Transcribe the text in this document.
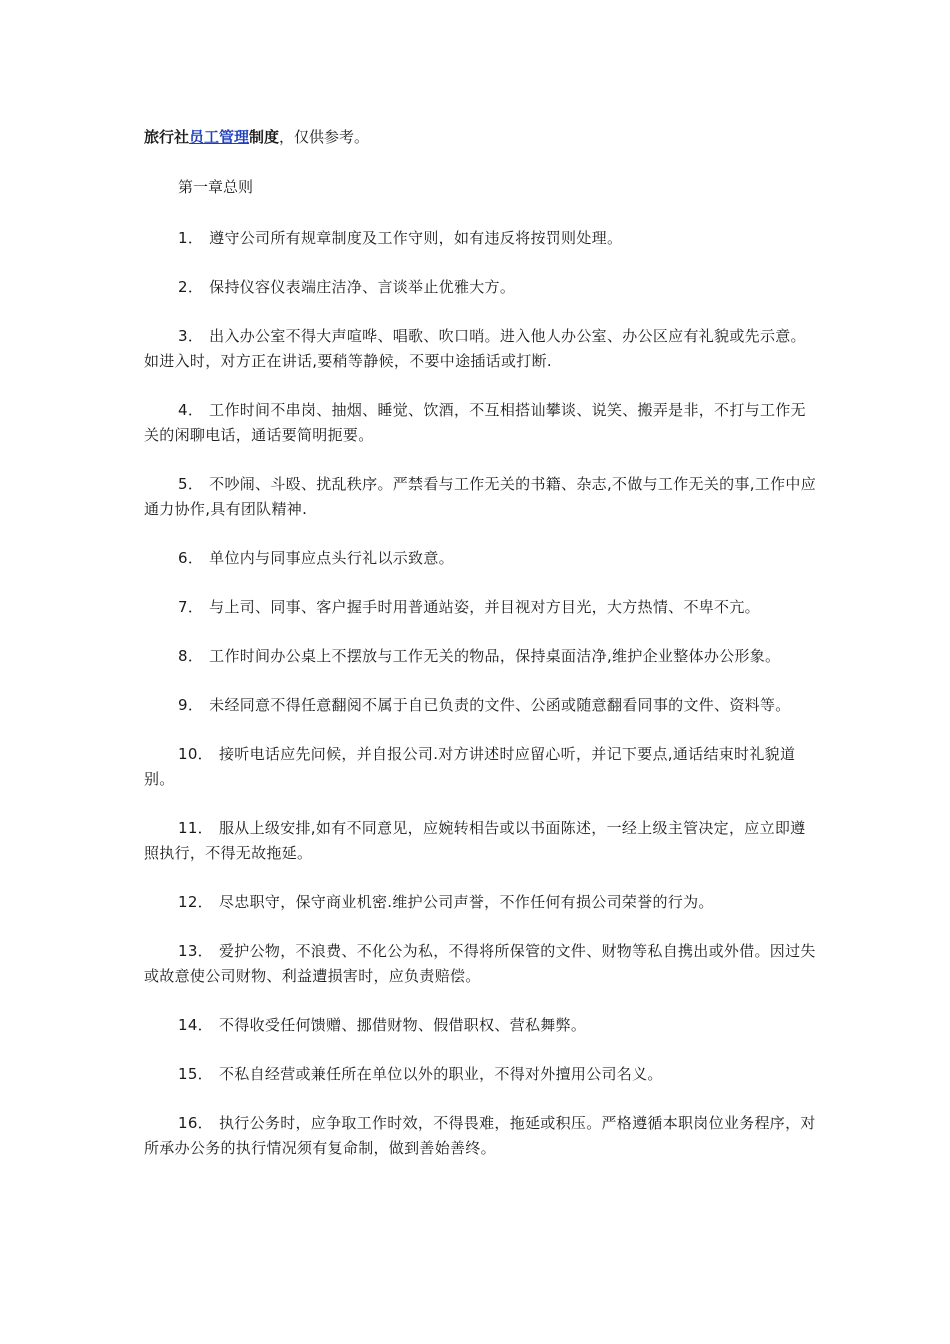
旅行社员工管理制度，仅供参考。
第一章总则
1． 遵守公司所有规章制度及工作守则，如有违反将按罚则处理。
2． 保持仪容仪表端庄洁净、言谈举止优雅大方。
3． 出入办公室不得大声喧哗、唱歌、吹口哨。进入他人办公室、办公区应有礼貌或先示意。如进入时，对方正在讲话,要稍等静候，不要中途插话或打断.
4． 工作时间不串岗、抽烟、睡觉、饮酒，不互相搭讪攀谈、说笑、搬弄是非，不打与工作无关的闲聊电话，通话要简明扼要。
5． 不吵闹、斗殴、扰乱秩序。严禁看与工作无关的书籍、杂志,不做与工作无关的事,工作中应通力协作,具有团队精神.
6． 单位内与同事应点头行礼以示致意。
7． 与上司、同事、客户握手时用普通站姿，并目视对方目光，大方热情、不卑不亢。
8． 工作时间办公桌上不摆放与工作无关的物品，保持桌面洁净,维护企业整体办公形象。
9． 未经同意不得任意翻阅不属于自已负责的文件、公函或随意翻看同事的文件、资料等。
10． 接听电话应先问候，并自报公司.对方讲述时应留心听，并记下要点,通话结束时礼貌道别。
11． 服从上级安排,如有不同意见，应婉转相告或以书面陈述，一经上级主管决定，应立即遵照执行，不得无故拖延。
12． 尽忠职守，保守商业机密.维护公司声誉，不作任何有损公司荣誉的行为。
13． 爱护公物，不浪费、不化公为私，不得将所保管的文件、财物等私自携出或外借。因过失或故意使公司财物、利益遭损害时，应负责赔偿。
14． 不得收受任何馈赠、挪借财物、假借职权、营私舞弊。
15． 不私自经营或兼任所在单位以外的职业，不得对外擅用公司名义。
16． 执行公务时，应争取工作时效，不得畏难，拖延或积压。严格遵循本职岗位业务程序，对所承办公务的执行情况须有复命制，做到善始善终。
